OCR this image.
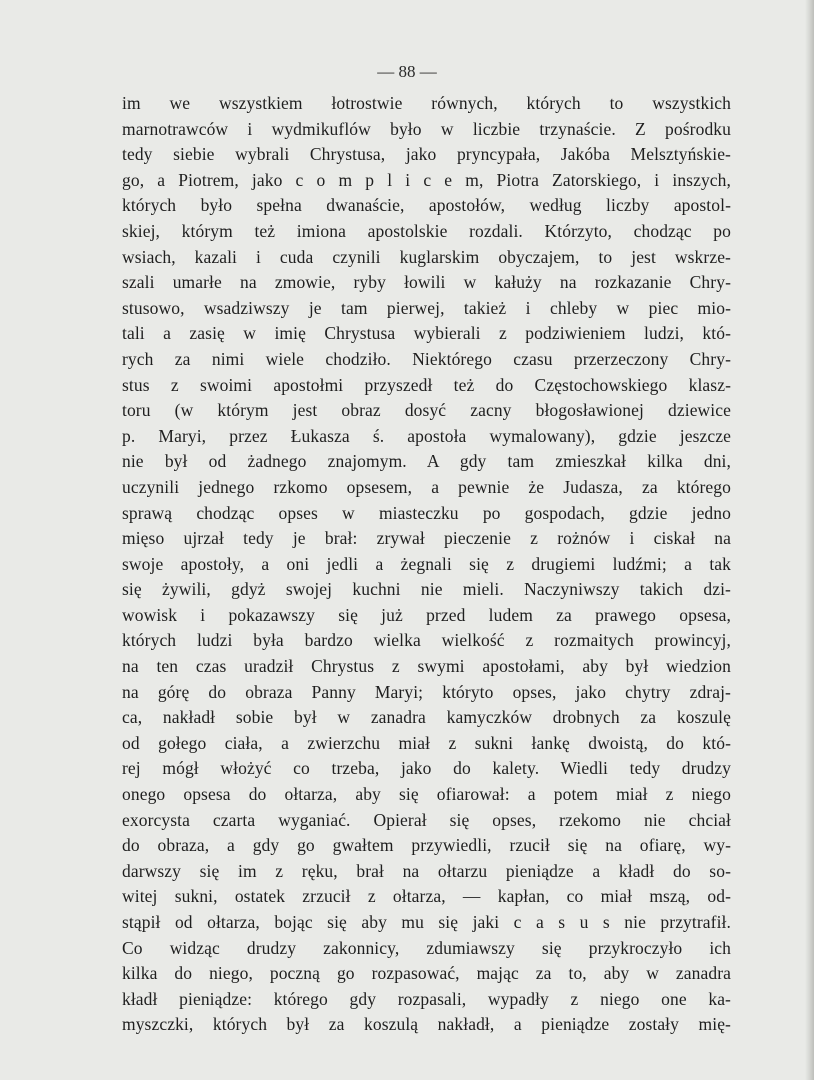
— 88 —
im we wszystkiem łotrostwie równych, których to wszystkich
marnotrawców i wydmikuflów było w liczbie trzynaście. Z pośrodku
tedy siebie wybrali Chrystusa, jako pryncypała, Jakóba Melsztyńskie-
go, a Piotrem, jako c o m p l i c e m, Piotra Zatorskiego, i inszych,
których było spełna dwanaście, apostołów, według liczby apostol-
skiej, którym też imiona apostolskie rozdali. Którzyto, chodząc po
wsiach, kazali i cuda czynili kuglarskim obyczajem, to jest wskrze-
szali umarłe na zmowie, ryby łowili w kałuży na rozkazanie Chry-
stusowo, wsadziwszy je tam pierwej, takież i chleby w piec mio-
tali a zasię w imię Chrystusa wybierali z podziwieniem ludzi, któ-
rych za nimi wiele chodziło. Niektórego czasu przerzeczony Chry-
stus z swoimi apostołmi przyszedł też do Częstochowskiego klasz-
toru (w którym jest obraz dosyć zacny błogosławionej dziewice
p. Maryi, przez Łukasza ś. apostoła wymalowany), gdzie jeszcze
nie był od żadnego znajomym. A gdy tam zmieszkał kilka dni,
uczynili jednego rzkomo opsesem, a pewnie że Judasza, za którego
sprawą chodząc opses w miasteczku po gospodach, gdzie jedno
mięso ujrzał tedy je brał: zrywał pieczenie z rożnów i ciskał na
swoje apostoły, a oni jedli a żegnali się z drugiemi ludźmi; a tak
się żywili, gdyż swojej kuchni nie mieli. Naczyniwszy takich dzi-
wowisk i pokazawszy się już przed ludem za prawego opsesa,
których ludzi była bardzo wielka wielkość z rozmaitych prowincyj,
na ten czas uradził Chrystus z swymi apostołami, aby był wiedzion
na górę do obraza Panny Maryi; któryto opses, jako chytry zdraj-
ca, nakładł sobie był w zanadra kamyczków drobnych za koszulę
od gołego ciała, a zwierzchu miał z sukni łankę dwoistą, do któ-
rej mógł włożyć co trzeba, jako do kalety. Wiedli tedy drudzy
onego opsesa do ołtarza, aby się ofiarował: a potem miał z niego
exorcysta czarta wyganiać. Opierał się opses, rzekomo nie chciał
do obraza, a gdy go gwałtem przywiedli, rzucił się na ofiarę, wy-
darwszy się im z ręku, brał na ołtarzu pieniądze a kładł do so-
witej sukni, ostatek zrzucił z ołtarza, — kapłan, co miał mszą, od-
stąpił od ołtarza, bojąc się aby mu się jaki c a s u s nie przytrafił.
Co widząc drudzy zakonnicy, zdumiawszy się przykroczyło ich
kilka do niego, poczną go rozpasować, mając za to, aby w zanadra
kładł pieniądze: którego gdy rozpasali, wypadły z niego one ka-
myszczki, których był za koszulą nakładł, a pieniądze zostały mię-
